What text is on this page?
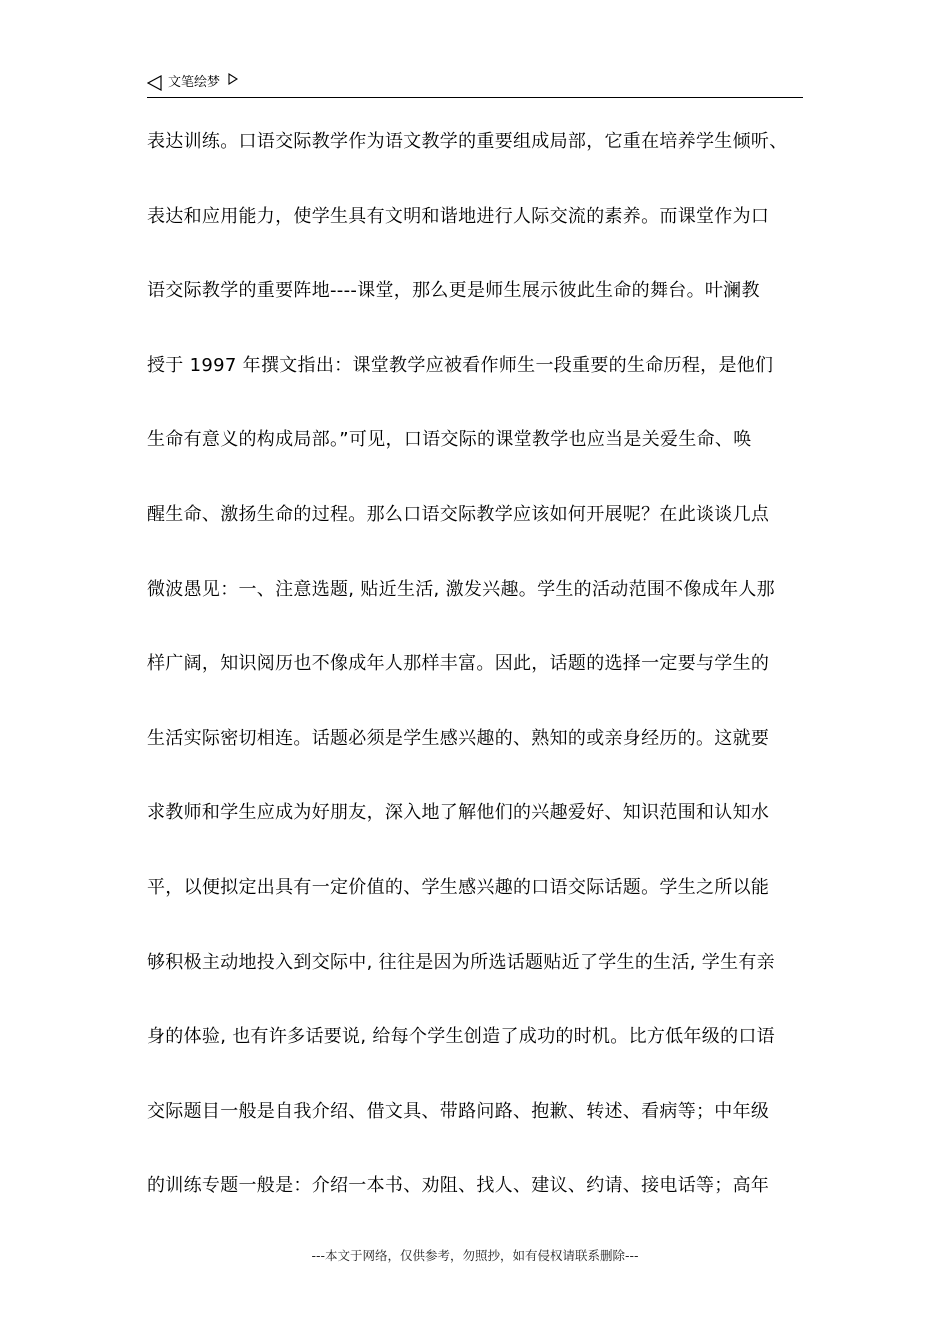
文笔绘梦
表达训练。口语交际教学作为语文教学的重要组成局部，它重在培养学生倾听、
表达和应用能力，使学生具有文明和谐地进行人际交流的素养。而课堂作为口
语交际教学的重要阵地----课堂，那么更是师生展示彼此生命的舞台。叶澜教
授于 1997 年撰文指出：课堂教学应被看作师生一段重要的生命历程，是他们
生命有意义的构成局部。”可见，口语交际的课堂教学也应当是关爱生命、唤
醒生命、激扬生命的过程。那么口语交际教学应该如何开展呢？在此谈谈几点
微波愚见：一、注意选题, 贴近生活, 激发兴趣。学生的活动范围不像成年人那
样广阔，知识阅历也不像成年人那样丰富。因此，话题的选择一定要与学生的
生活实际密切相连。话题必须是学生感兴趣的、熟知的或亲身经历的。这就要
求教师和学生应成为好朋友，深入地了解他们的兴趣爱好、知识范围和认知水
平，以便拟定出具有一定价值的、学生感兴趣的口语交际话题。学生之所以能
够积极主动地投入到交际中, 往往是因为所选话题贴近了学生的生活, 学生有亲
身的体验, 也有许多话要说, 给每个学生创造了成功的时机。比方低年级的口语
交际题目一般是自我介绍、借文具、带路问路、抱歉、转述、看病等；中年级
的训练专题一般是：介绍一本书、劝阻、找人、建议、约请、接电话等；高年
---本文于网络，仅供参考，勿照抄，如有侵权请联系删除---
